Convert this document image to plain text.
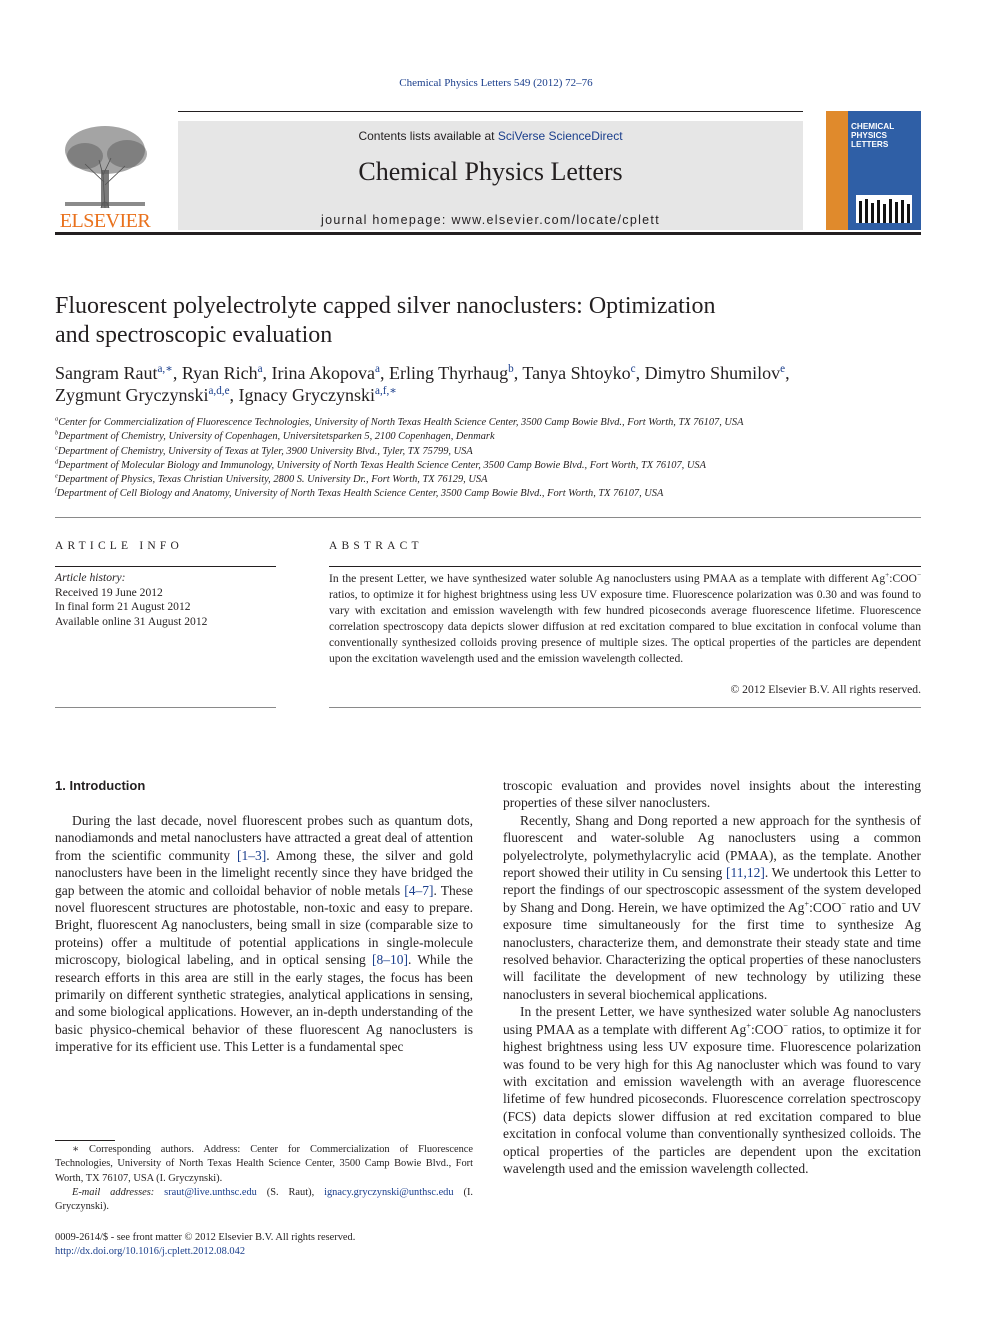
Chemical Physics Letters 549 (2012) 72–76
ELSEVIER
Contents lists available at SciVerse ScienceDirect
Chemical Physics Letters
journal homepage: www.elsevier.com/locate/cplett
CHEMICAL
PHYSICS
LETTERS
Fluorescent polyelectrolyte capped silver nanoclusters: Optimization
and spectroscopic evaluation
Sangram Raut$^{a,∗}$, Ryan Rich$^a$, Irina Akopova$^a$, Erling Thyrhaug$^b$, Tanya Shtoyko$^c$, Dimytro Shumilov$^e$,
Zygmunt Gryczynski$^{a,d,e}$, Ignacy Gryczynski$^{a,f,∗}$
$^a$Center for Commercialization of Fluorescence Technologies, University of North Texas Health Science Center, 3500 Camp Bowie Blvd., Fort Worth, TX 76107, USA
$^b$Department of Chemistry, University of Copenhagen, Universitetsparken 5, 2100 Copenhagen, Denmark
$^c$Department of Chemistry, University of Texas at Tyler, 3900 University Blvd., Tyler, TX 75799, USA
$^d$Department of Molecular Biology and Immunology, University of North Texas Health Science Center, 3500 Camp Bowie Blvd., Fort Worth, TX 76107, USA
$^e$Department of Physics, Texas Christian University, 2800 S. University Dr., Fort Worth, TX 76129, USA
$^f$Department of Cell Biology and Anatomy, University of North Texas Health Science Center, 3500 Camp Bowie Blvd., Fort Worth, TX 76107, USA
ARTICLE INFO	ABSTRACT
Article history:
Received 19 June 2012
In final form 21 August 2012
Available online 31 August 2012
In the present Letter, we have synthesized water soluble Ag nanoclusters using PMAA as a template with different Ag+:COO− ratios, to optimize it for highest brightness using less UV exposure time. Fluorescence polarization was 0.30 and was found to vary with excitation and emission wavelength with few hundred picoseconds average fluorescence lifetime. Fluorescence correlation spectroscopy data depicts slower diffusion at red excitation compared to blue excitation in confocal volume than conventionally synthesized colloids proving presence of multiple sizes. The optical properties of the particles are dependent upon the excitation wavelength used and the emission wavelength collected.
© 2012 Elsevier B.V. All rights reserved.
1. Introduction

During the last decade, novel fluorescent probes such as quantum dots, nanodiamonds and metal nanoclusters have attracted a great deal of attention from the scientific community [1–3]. Among these, the silver and gold nanoclusters have been in the limelight recently since they have bridged the gap between the atomic and colloidal behavior of noble metals [4–7]. These novel fluorescent structures are photostable, non-toxic and easy to prepare. Bright, fluorescent Ag nanoclusters, being small in size (comparable size to proteins) offer a multitude of potential applications in single-molecule microscopy, biological labeling, and in optical sensing [8–10]. While the research efforts in this area are still in the early stages, the focus has been primarily on different synthetic strategies, analytical applications in sensing, and some biological applications. However, an in-depth understanding of the basic physico-chemical behavior of these fluorescent Ag nanoclusters is imperative for its efficient use. This Letter is a fundamental spec

troscopic evaluation and provides novel insights about the interesting properties of these silver nanoclusters.

Recently, Shang and Dong reported a new approach for the synthesis of fluorescent and water-soluble Ag nanoclusters using a common polyelectrolyte, polymethylacrylic acid (PMAA), as the template. Another report showed their utility in Cu sensing [11,12]. We undertook this Letter to report the findings of our spectroscopic assessment of the system developed by Shang and Dong. Herein, we have optimized the Ag+:COO− ratio and UV exposure time simultaneously for the first time to synthesize Ag nanoclusters, characterize them, and demonstrate their steady state and time resolved behavior. Characterizing the optical properties of these nanoclusters will facilitate the development of new technology by utilizing these nanoclusters in several biochemical applications.

In the present Letter, we have synthesized water soluble Ag nanoclusters using PMAA as a template with different Ag+:COO− ratios, to optimize it for highest brightness using less UV exposure time. Fluorescence polarization was found to be very high for this Ag nanocluster which was found to vary with excitation and emission wavelength with an average fluorescence lifetime of few hundred picoseconds. Fluorescence correlation spectroscopy (FCS) data depicts slower diffusion at red excitation compared to blue excitation in confocal volume than conventionally synthesized colloids. The optical properties of the particles are dependent upon the excitation wavelength used and the emission wavelength collected.

∗ Corresponding authors. Address: Center for Commercialization of Fluorescence Technologies, University of North Texas Health Science Center, 3500 Camp Bowie Blvd., Fort Worth, TX 76107, USA (I. Gryczynski).

E-mail addresses: sraut@live.unthsc.edu (S. Raut), ignacy.gryczynski@unthsc.edu (I. Gryczynski).

0009-2614/$ - see front matter © 2012 Elsevier B.V. All rights reserved.
http://dx.doi.org/10.1016/j.cplett.2012.08.042
